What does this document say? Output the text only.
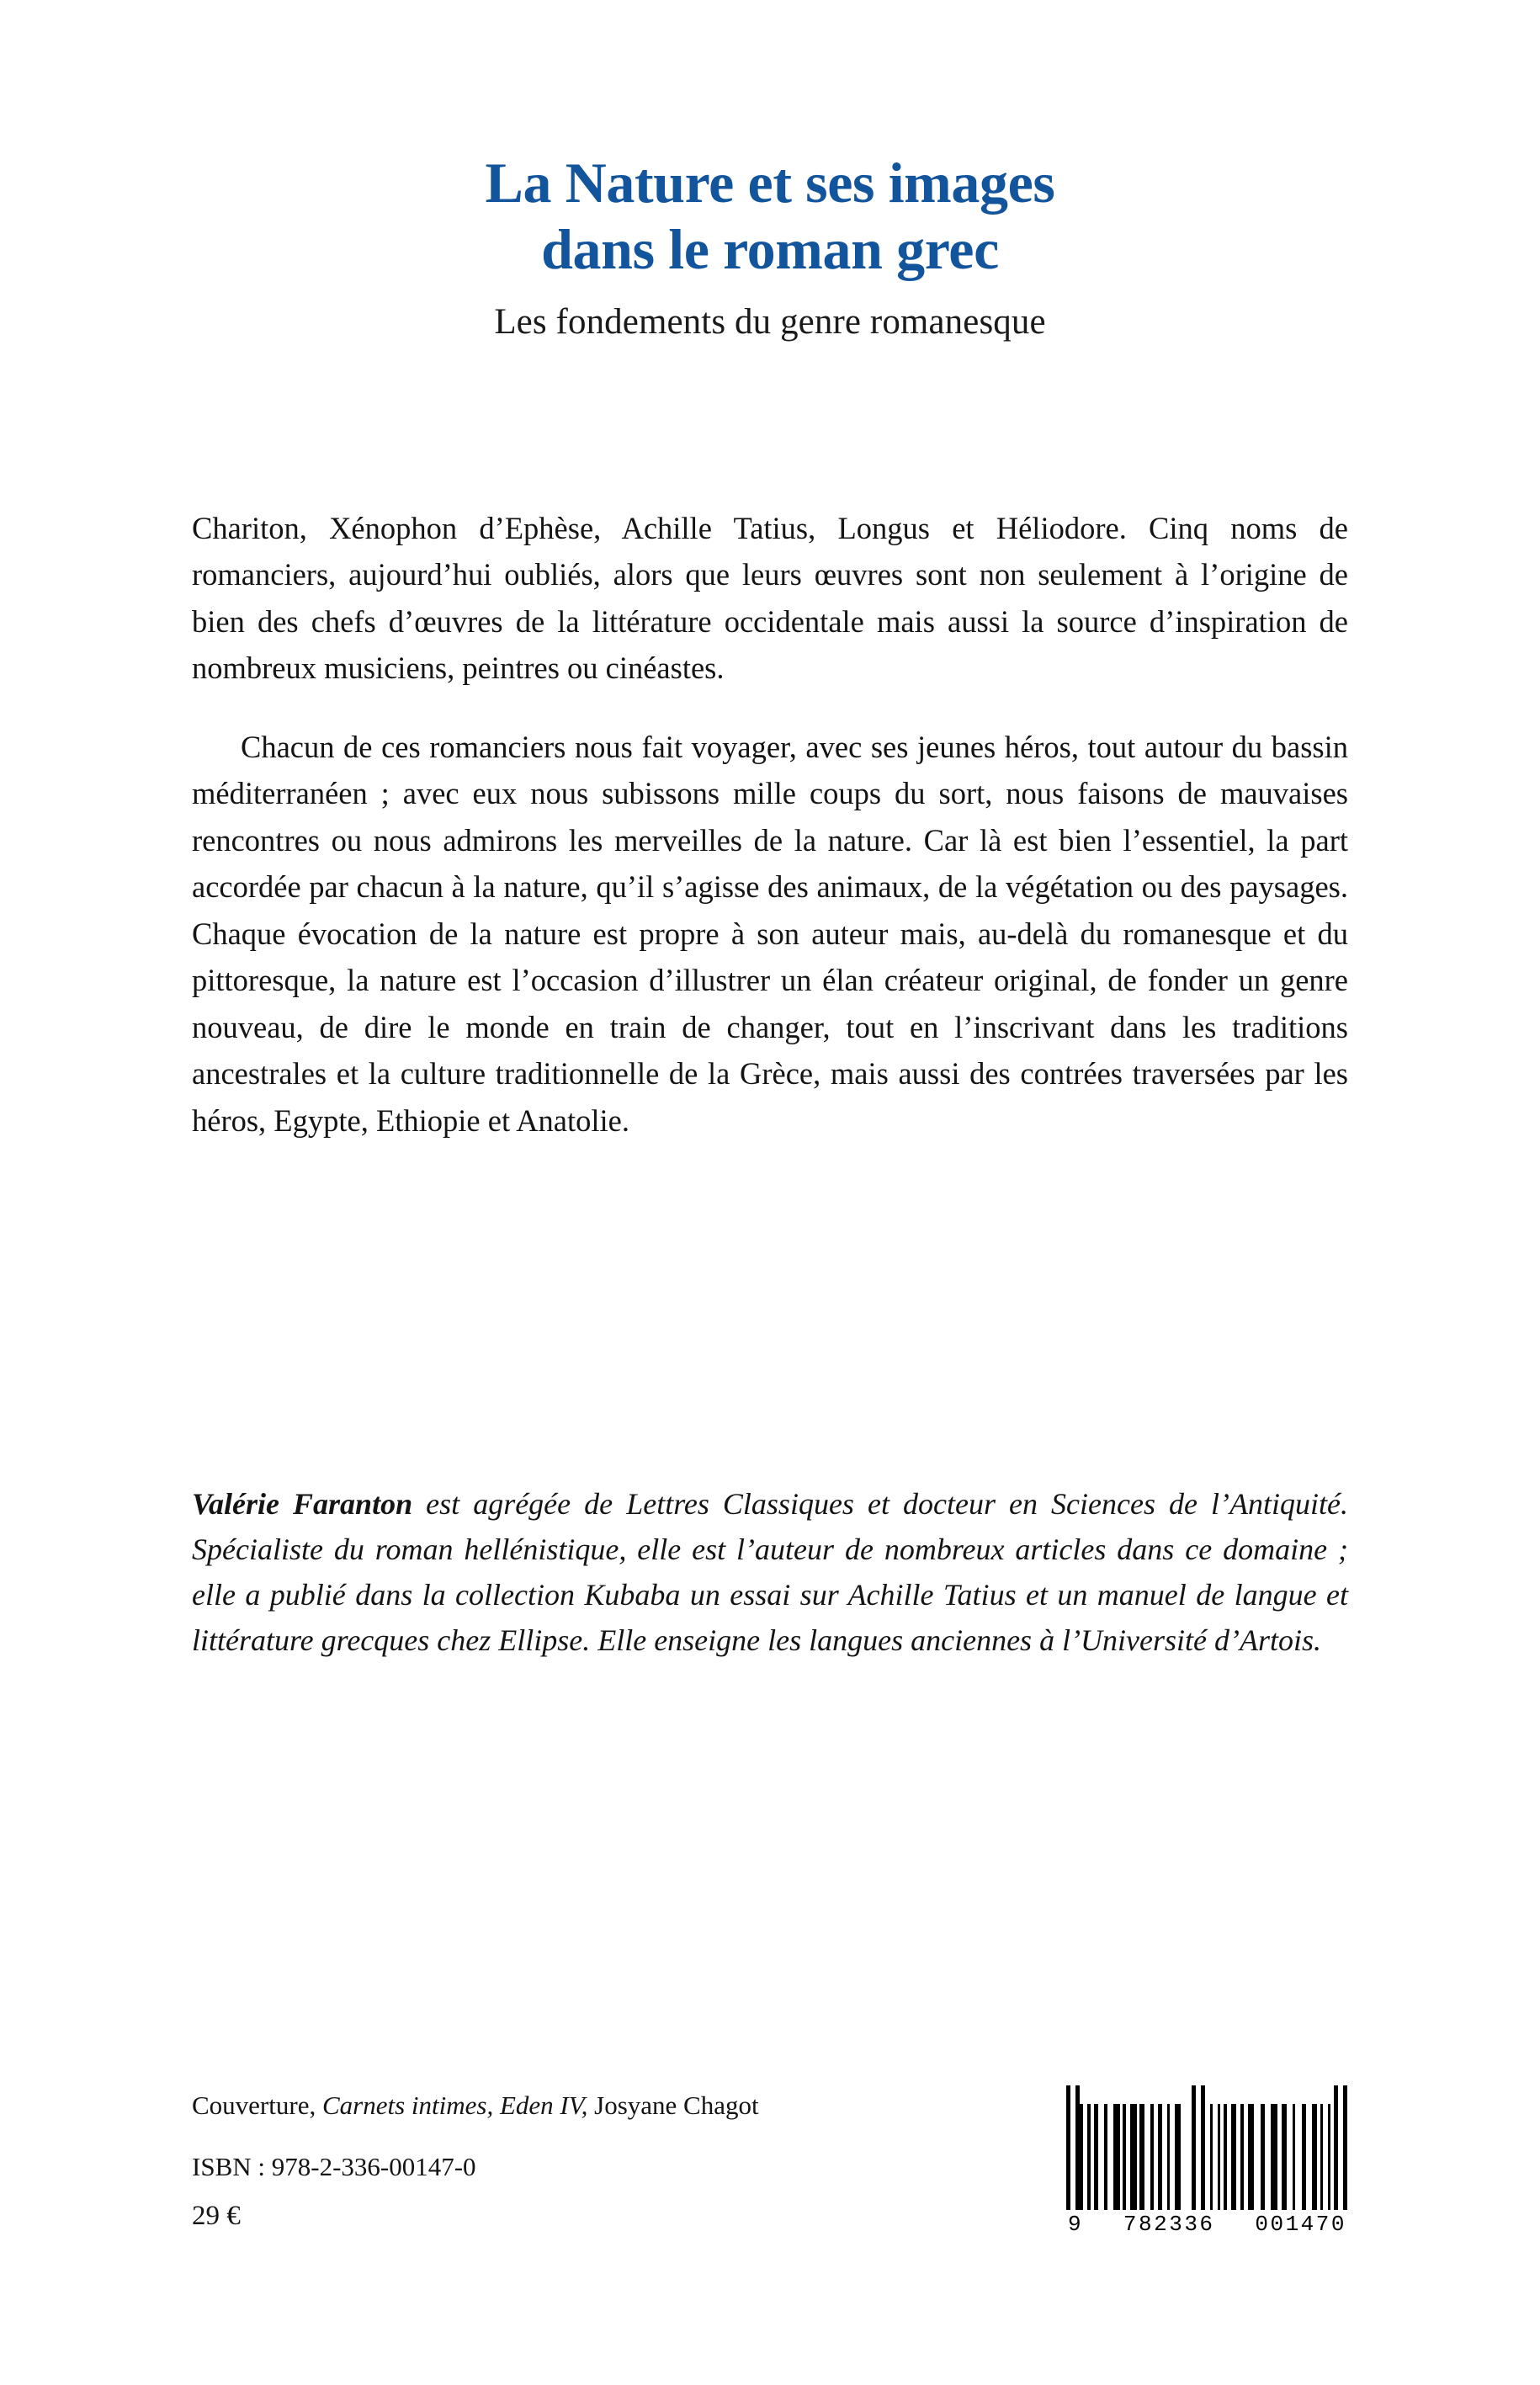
La Nature et ses images
dans le roman grec
Les fondements du genre romanesque

Chariton, Xénophon d’Ephèse, Achille Tatius, Longus et Héliodore. Cinq noms de romanciers, aujourd’hui oubliés, alors que leurs œuvres sont non seulement à l’origine de bien des chefs d’œuvres de la littérature occidentale mais aussi la source d’inspiration de nombreux musiciens, peintres ou cinéastes.

Chacun de ces romanciers nous fait voyager, avec ses jeunes héros, tout autour du bassin méditerranéen ; avec eux nous subissons mille coups du sort, nous faisons de mauvaises rencontres ou nous admirons les merveilles de la nature. Car là est bien l’essentiel, la part accordée par chacun à la nature, qu’il s’agisse des animaux, de la végétation ou des paysages. Chaque évocation de la nature est propre à son auteur mais, au-delà du romanesque et du pittoresque, la nature est l’occasion d’illustrer un élan créateur original, de fonder un genre nouveau, de dire le monde en train de changer, tout en l’inscrivant dans les traditions ancestrales et la culture traditionnelle de la Grèce, mais aussi des contrées traversées par les héros, Egypte, Ethiopie et Anatolie.

Valérie Faranton est agrégée de Lettres Classiques et docteur en Sciences de l’Antiquité. Spécialiste du roman hellénistique, elle est l’auteur de nombreux articles dans ce domaine ; elle a publié dans la collection Kubaba un essai sur Achille Tatius et un manuel de langue et littérature grecques chez Ellipse. Elle enseigne les langues anciennes à l’Université d’Artois.
Couverture, Carnets intimes, Eden IV, Josyane Chagot
ISBN : 978-2-336-00147-0
29 €	9 782336 001470
